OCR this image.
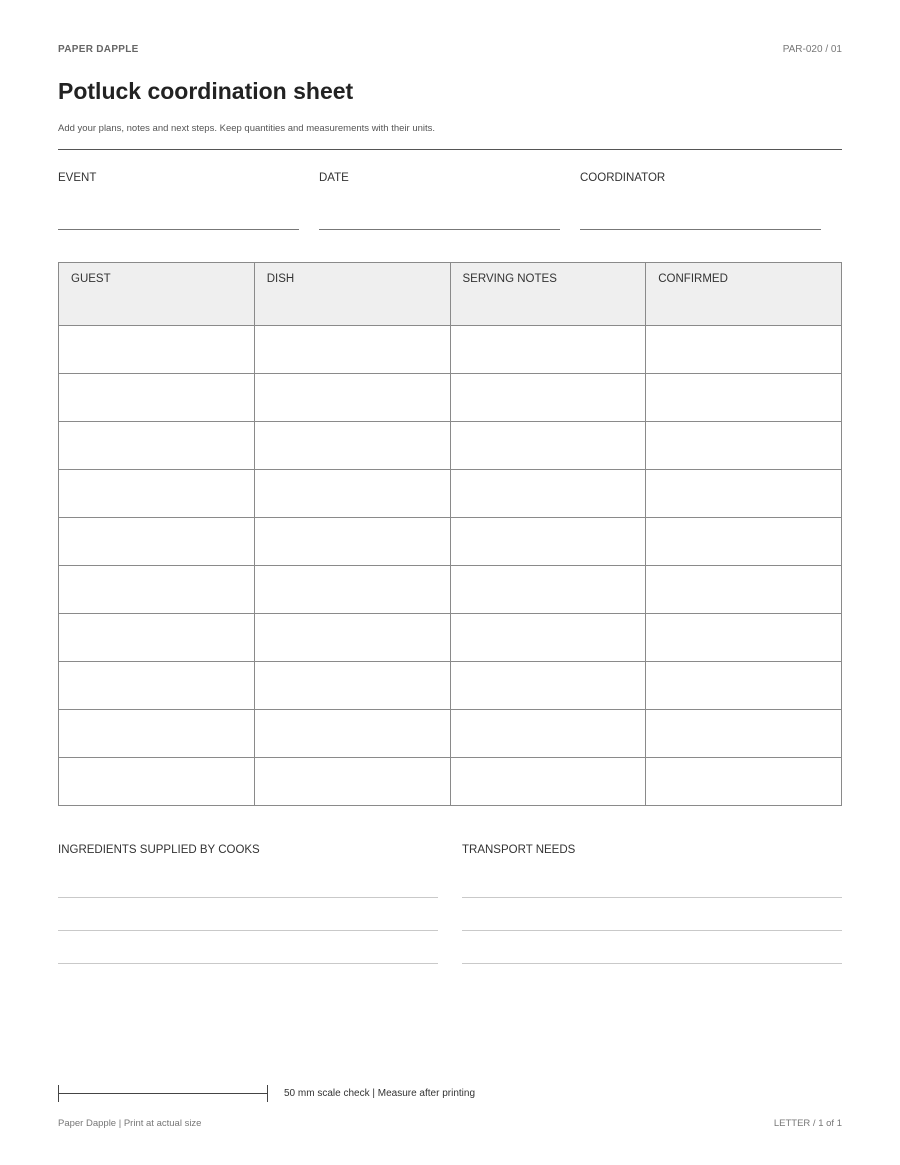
PAPER DAPPLE	PAR-020 / 01
Potluck coordination sheet

Add your plans, notes and next steps. Keep quantities and measurements with their units.

EVENT	DATE	COORDINATOR
GUEST	DISH	SERVING NOTES	CONFIRMED

INGREDIENTS SUPPLIED BY COOKS	TRANSPORT NEEDS
50 mm scale check | Measure after printing
Paper Dapple | Print at actual size	LETTER / 1 of 1
